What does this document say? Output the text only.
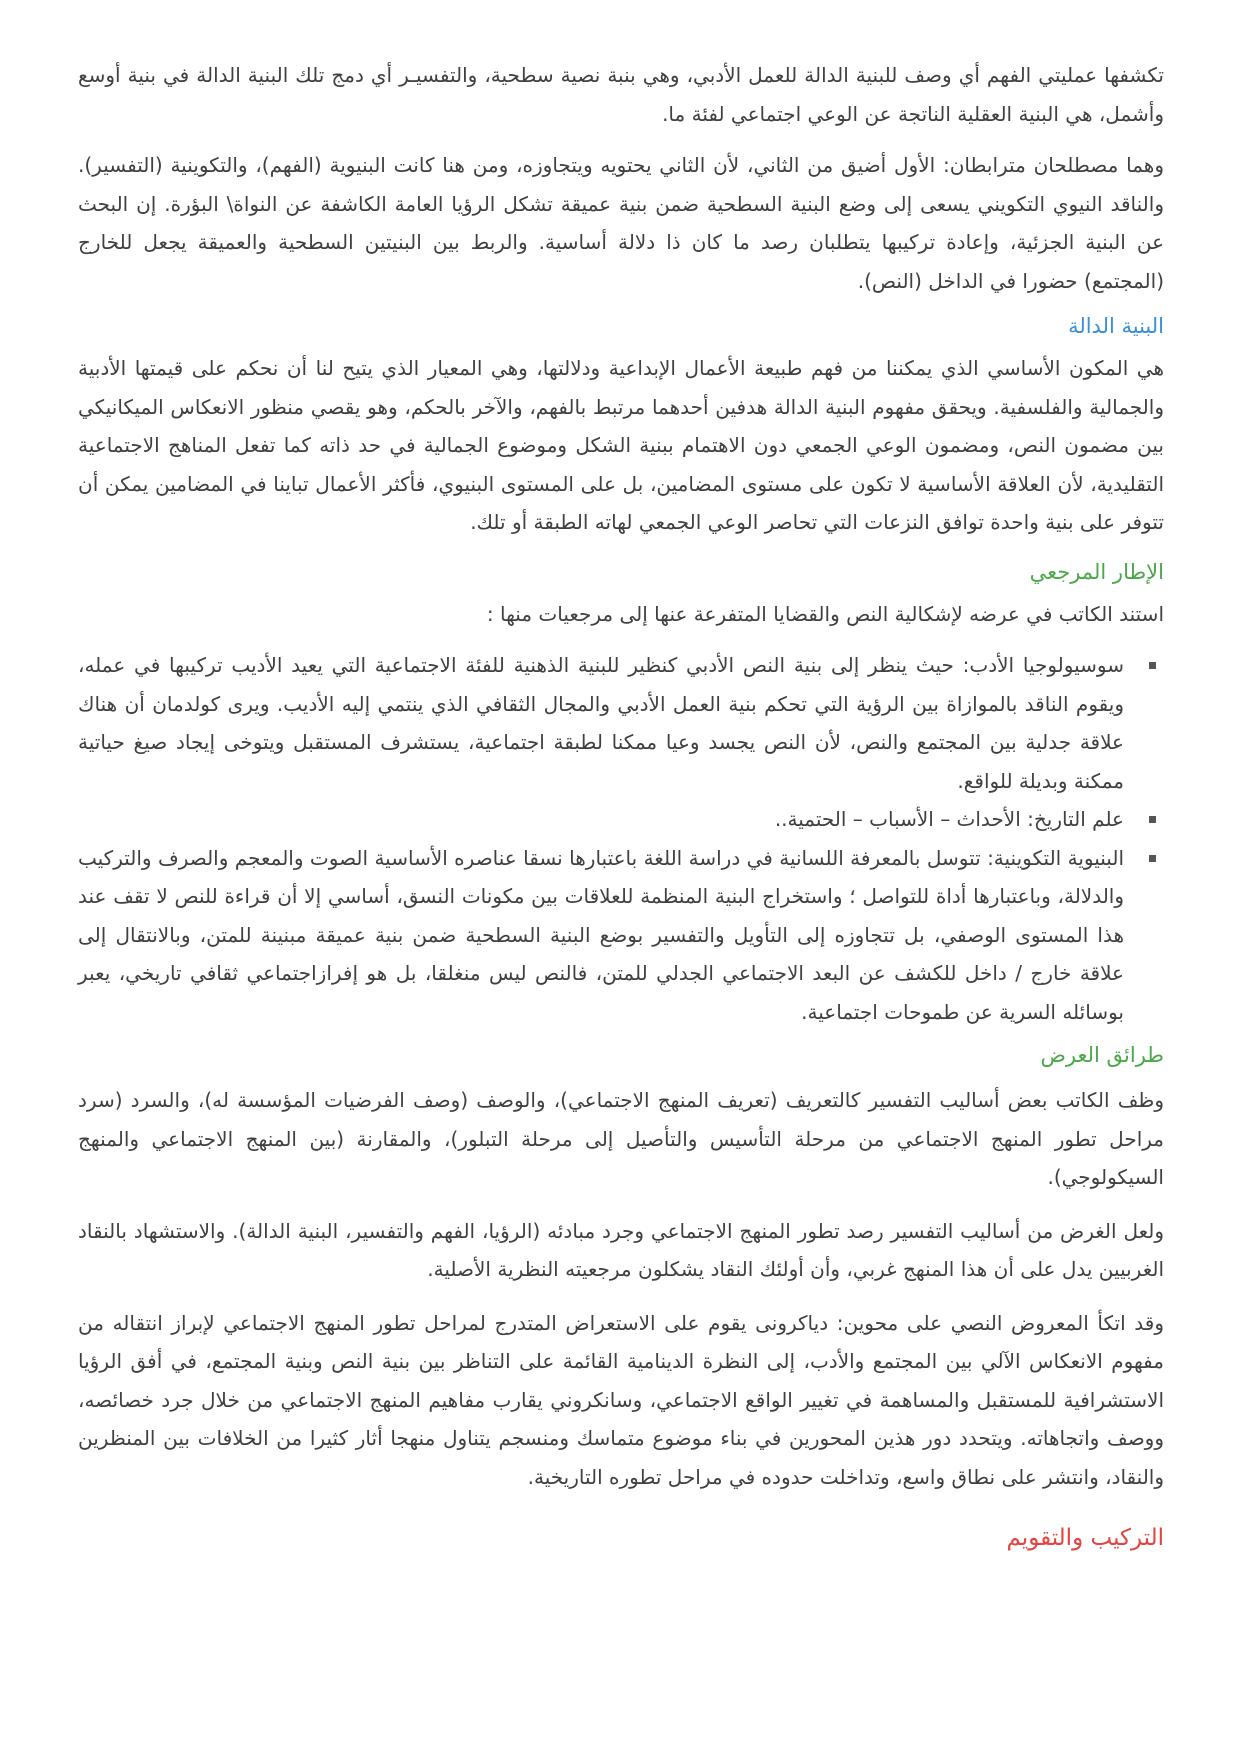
تكشفها عمليتي الفهم أي وصف للبنية الدالة للعمل الأدبي، وهي بنبة نصية سطحية، والتفسيـر أي دمج تلك البنية الدالة في بنية أوسع وأشمل، هي البنية العقلية الناتجة عن الوعي اجتماعي لفئة ما.

وهما مصطلحان مترابطان: الأول أضيق من الثاني، لأن الثاني يحتويه ويتجاوزه، ومن هنا كانت البنيوية (الفهم)، والتكوينية (التفسير). والناقد النيوي التكويني يسعى إلى وضع البنية السطحية ضمن بنية عميقة تشكل الرؤيا العامة الكاشفة عن النواة\ البؤرة. إن البحث عن البنية الجزئية، وإعادة تركيبها يتطلبان رصد ما كان ذا دلالة أساسية. والربط بين البنيتين السطحية والعميقة يجعل للخارج (المجتمع) حضورا في الداخل (النص).

البنية الدالة

هي المكون الأساسي الذي يمكننا من فهم طبيعة الأعمال الإبداعية ودلالتها، وهي المعيار الذي يتيح لنا أن نحكم على قيمتها الأدبية والجمالية والفلسفية. ويحقق مفهوم البنية الدالة هدفين أحدهما مرتبط بالفهم، والآخر بالحكم، وهو يقصي منظور الانعكاس الميكانيكي بين مضمون النص، ومضمون الوعي الجمعي دون الاهتمام ببنية الشكل وموضوع الجمالية في حد ذاته كما تفعل المناهج الاجتماعية التقليدية، لأن العلاقة الأساسية لا تكون على مستوى المضامين، بل على المستوى البنيوي، فأكثر الأعمال تباينا في المضامين يمكن أن تتوفر على بنية واحدة توافق النزعات التي تحاصر الوعي الجمعي لهاته الطبقة أو تلك.

الإطار المرجعي

استند الكاتب في عرضه لإشكالية النص والقضايا المتفرعة عنها إلى مرجعيات منها :

سوسيولوجيا الأدب: حيث ينظر إلى بنية النص الأدبي كنظير للبنية الذهنية للفئة الاجتماعية التي يعيد الأديب تركيبها في عمله، ويقوم الناقد بالموازاة بين الرؤية التي تحكم بنية العمل الأدبي والمجال الثقافي الذي ينتمي إليه الأديب. ويرى كولدمان أن هناك علاقة جدلية بين المجتمع والنص، لأن النص يجسد وعيا ممكنا لطبقة اجتماعية، يستشرف المستقبل ويتوخى إيجاد صيغ حياتية ممكنة وبديلة للواقع.
علم التاريخ: الأحداث – الأسباب – الحتمية..
البنيوية التكوينية: تتوسل بالمعرفة اللسانية في دراسة اللغة باعتبارها نسقا عناصره الأساسية الصوت والمعجم والصرف والتركيب والدلالة، وباعتبارها أداة للتواصل ؛ واستخراج البنية المنظمة للعلاقات بين مكونات النسق، أساسي إلا أن قراءة للنص لا تقف عند هذا المستوى الوصفي، بل تتجاوزه إلى التأويل والتفسير بوضع البنية السطحية ضمن بنية عميقة مبنينة للمتن، وبالانتقال إلى علاقة خارج / داخل للكشف عن البعد الاجتماعي الجدلي للمتن، فالنص ليس منغلقا، بل هو إفرازاجتماعي ثقافي تاريخي، يعبر بوسائله السرية عن طموحات اجتماعية.
طرائق العرض

وظف الكاتب بعض أساليب التفسير كالتعريف (تعريف المنهج الاجتماعي)، والوصف (وصف الفرضيات المؤسسة له)، والسرد (سرد مراحل تطور المنهج الاجتماعي من مرحلة التأسيس والتأصيل إلى مرحلة التبلور)، والمقارنة (بين المنهج الاجتماعي والمنهج السيكولوجي).

ولعل الغرض من أساليب التفسير رصد تطور المنهج الاجتماعي وجرد مبادئه (الرؤيا، الفهم والتفسير، البنية الدالة). والاستشهاد بالنقاد الغربيين يدل على أن هذا المنهج غربي، وأن أولئك النقاد يشكلون مرجعيته النظرية الأصلية.

وقد اتكأ المعروض النصي على محوين: دياكرونى يقوم على الاستعراض المتدرج لمراحل تطور المنهج الاجتماعي لإبراز انتقاله من مفهوم الانعكاس الآلي بين المجتمع والأدب، إلى النظرة الدينامية القائمة على التناظر بين بنية النص وبنية المجتمع، في أفق الرؤيا الاستشرافية للمستقبل والمساهمة في تغيير الواقع الاجتماعي، وسانكروني يقارب مفاهيم المنهج الاجتماعي من خلال جرد خصائصه، ووصف واتجاهاته. ويتحدد دور هذين المحورين في بناء موضوع متماسك ومنسجم يتناول منهجا أثار كثيرا من الخلافات بين المنظرين والنقاد، وانتشر على نطاق واسع، وتداخلت حدوده في مراحل تطوره التاريخية.

التركيب والتقويم
